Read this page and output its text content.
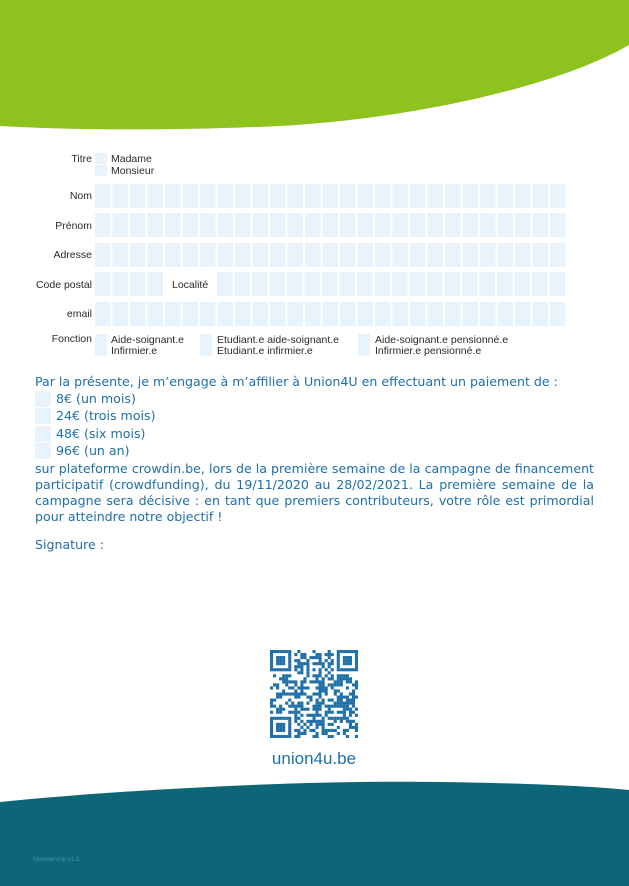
Titre Madame
Monsieur
Nom
Prénom
Adresse
Code postal	Localité
email
Fonction Aide-soignant.e
Infirmier.e
Etudiant.e aide-soignant.e
Etudiant.e infirmier.e
Aide-soignant.e pensionné.e
Infirmier.e pensionné.e
Par la présente, je m’engage à m’affilier à Union4U en effectuant un paiement de :
8€ (un mois)
24€ (trois mois)
48€ (six mois)
96€ (un an)
sur plateforme crowdin.be, lors de la première semaine de la campagne de financement participatif (crowdfunding), du 19/11/2020 au 28/02/2021. La première semaine de la campagne sera décisive : en tant que premiers contributeurs, votre rôle est primordial pour atteindre notre objectif !
Signature :
union4u.be
Membership v1.3
